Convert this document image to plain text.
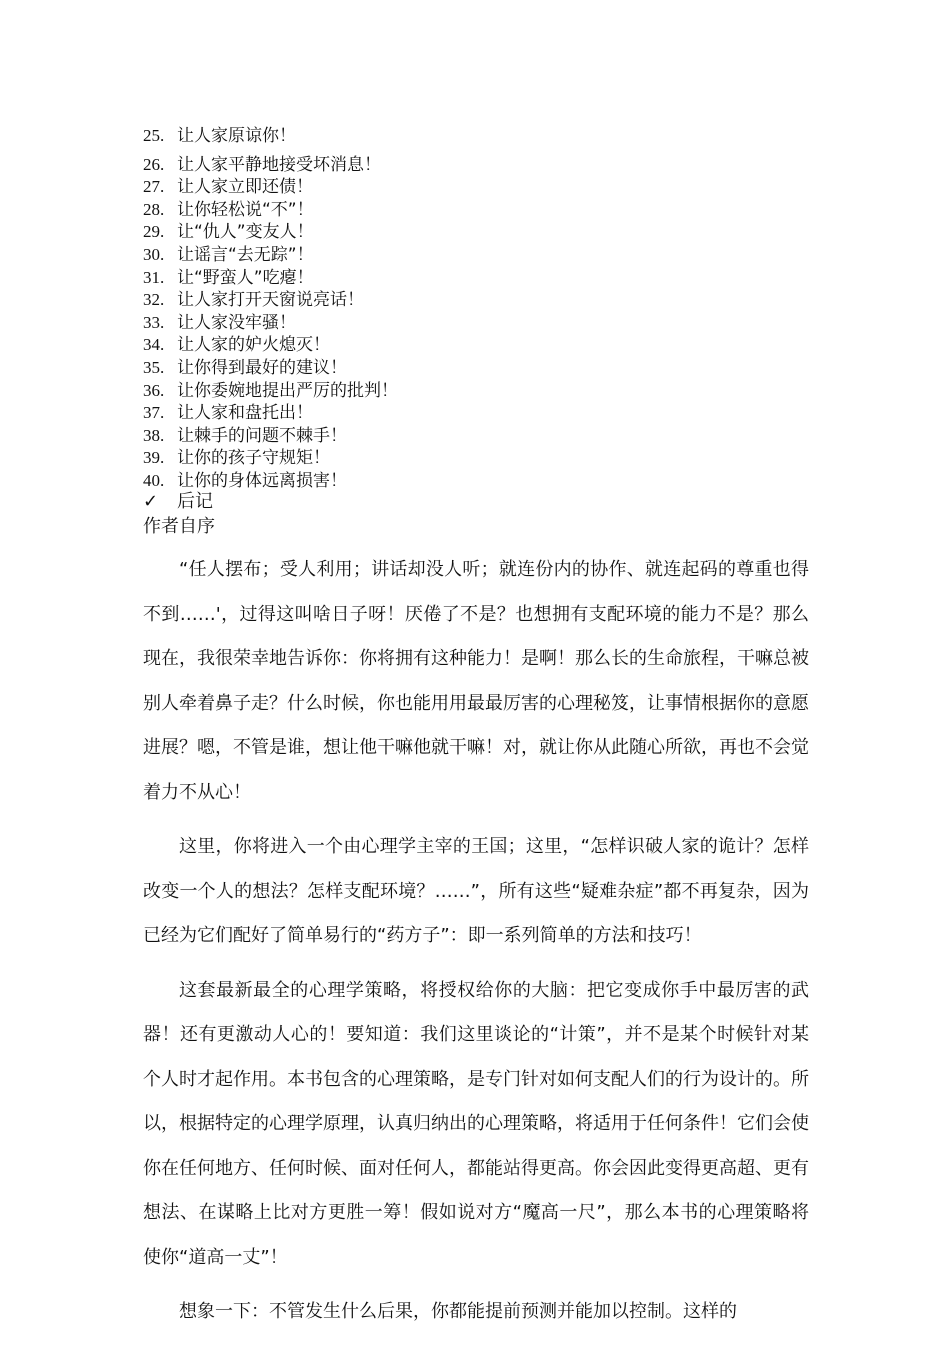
25. 让人家原谅你！
26. 让人家平静地接受坏消息！
27. 让人家立即还债！
28. 让你轻松说“不”！
29. 让“仇人”变友人！
30. 让谣言“去无踪”！
31. 让“野蛮人”吃瘪！
32. 让人家打开天窗说亮话！
33. 让人家没牢骚！
34. 让人家的妒火熄灭！
35. 让你得到最好的建议！
36. 让你委婉地提出严厉的批判！
37. 让人家和盘托出！
38. 让棘手的问题不棘手！
39. 让你的孩子守规矩！
40. 让你的身体远离损害！
✓ 后记
作者自序

“任人摆布；受人利用；讲话却没人听；就连份内的协作、就连起码的尊重也得不到……'，过得这叫啥日子呀！厌倦了不是？也想拥有支配环境的能力不是？那么现在，我很荣幸地告诉你：你将拥有这种能力！是啊！那么长的生命旅程，干嘛总被别人牵着鼻子走？什么时候，你也能用用最最厉害的心理秘笈，让事情根据你的意愿进展？嗯，不管是谁，想让他干嘛他就干嘛！对，就让你从此随心所欲，再也不会觉着力不从心！

这里，你将进入一个由心理学主宰的王国；这里，“怎样识破人家的诡计？怎样改变一个人的想法？怎样支配环境？……”，所有这些“疑难杂症”都不再复杂，因为已经为它们配好了简单易行的“药方子”：即一系列简单的方法和技巧！

这套最新最全的心理学策略，将授权给你的大脑：把它变成你手中最厉害的武器！还有更激动人心的！要知道：我们这里谈论的“计策”，并不是某个时候针对某个人时才起作用。本书包含的心理策略，是专门针对如何支配人们的行为设计的。所以，根据特定的心理学原理，认真归纳出的心理策略，将适用于任何条件！它们会使你在任何地方、任何时候、面对任何人，都能站得更高。你会因此变得更高超、更有想法、在谋略上比对方更胜一筹！假如说对方“魔高一尺”，那么本书的心理策略将使你“道高一丈”！

想象一下：不管发生什么后果，你都能提前预测并能加以控制。这样的
